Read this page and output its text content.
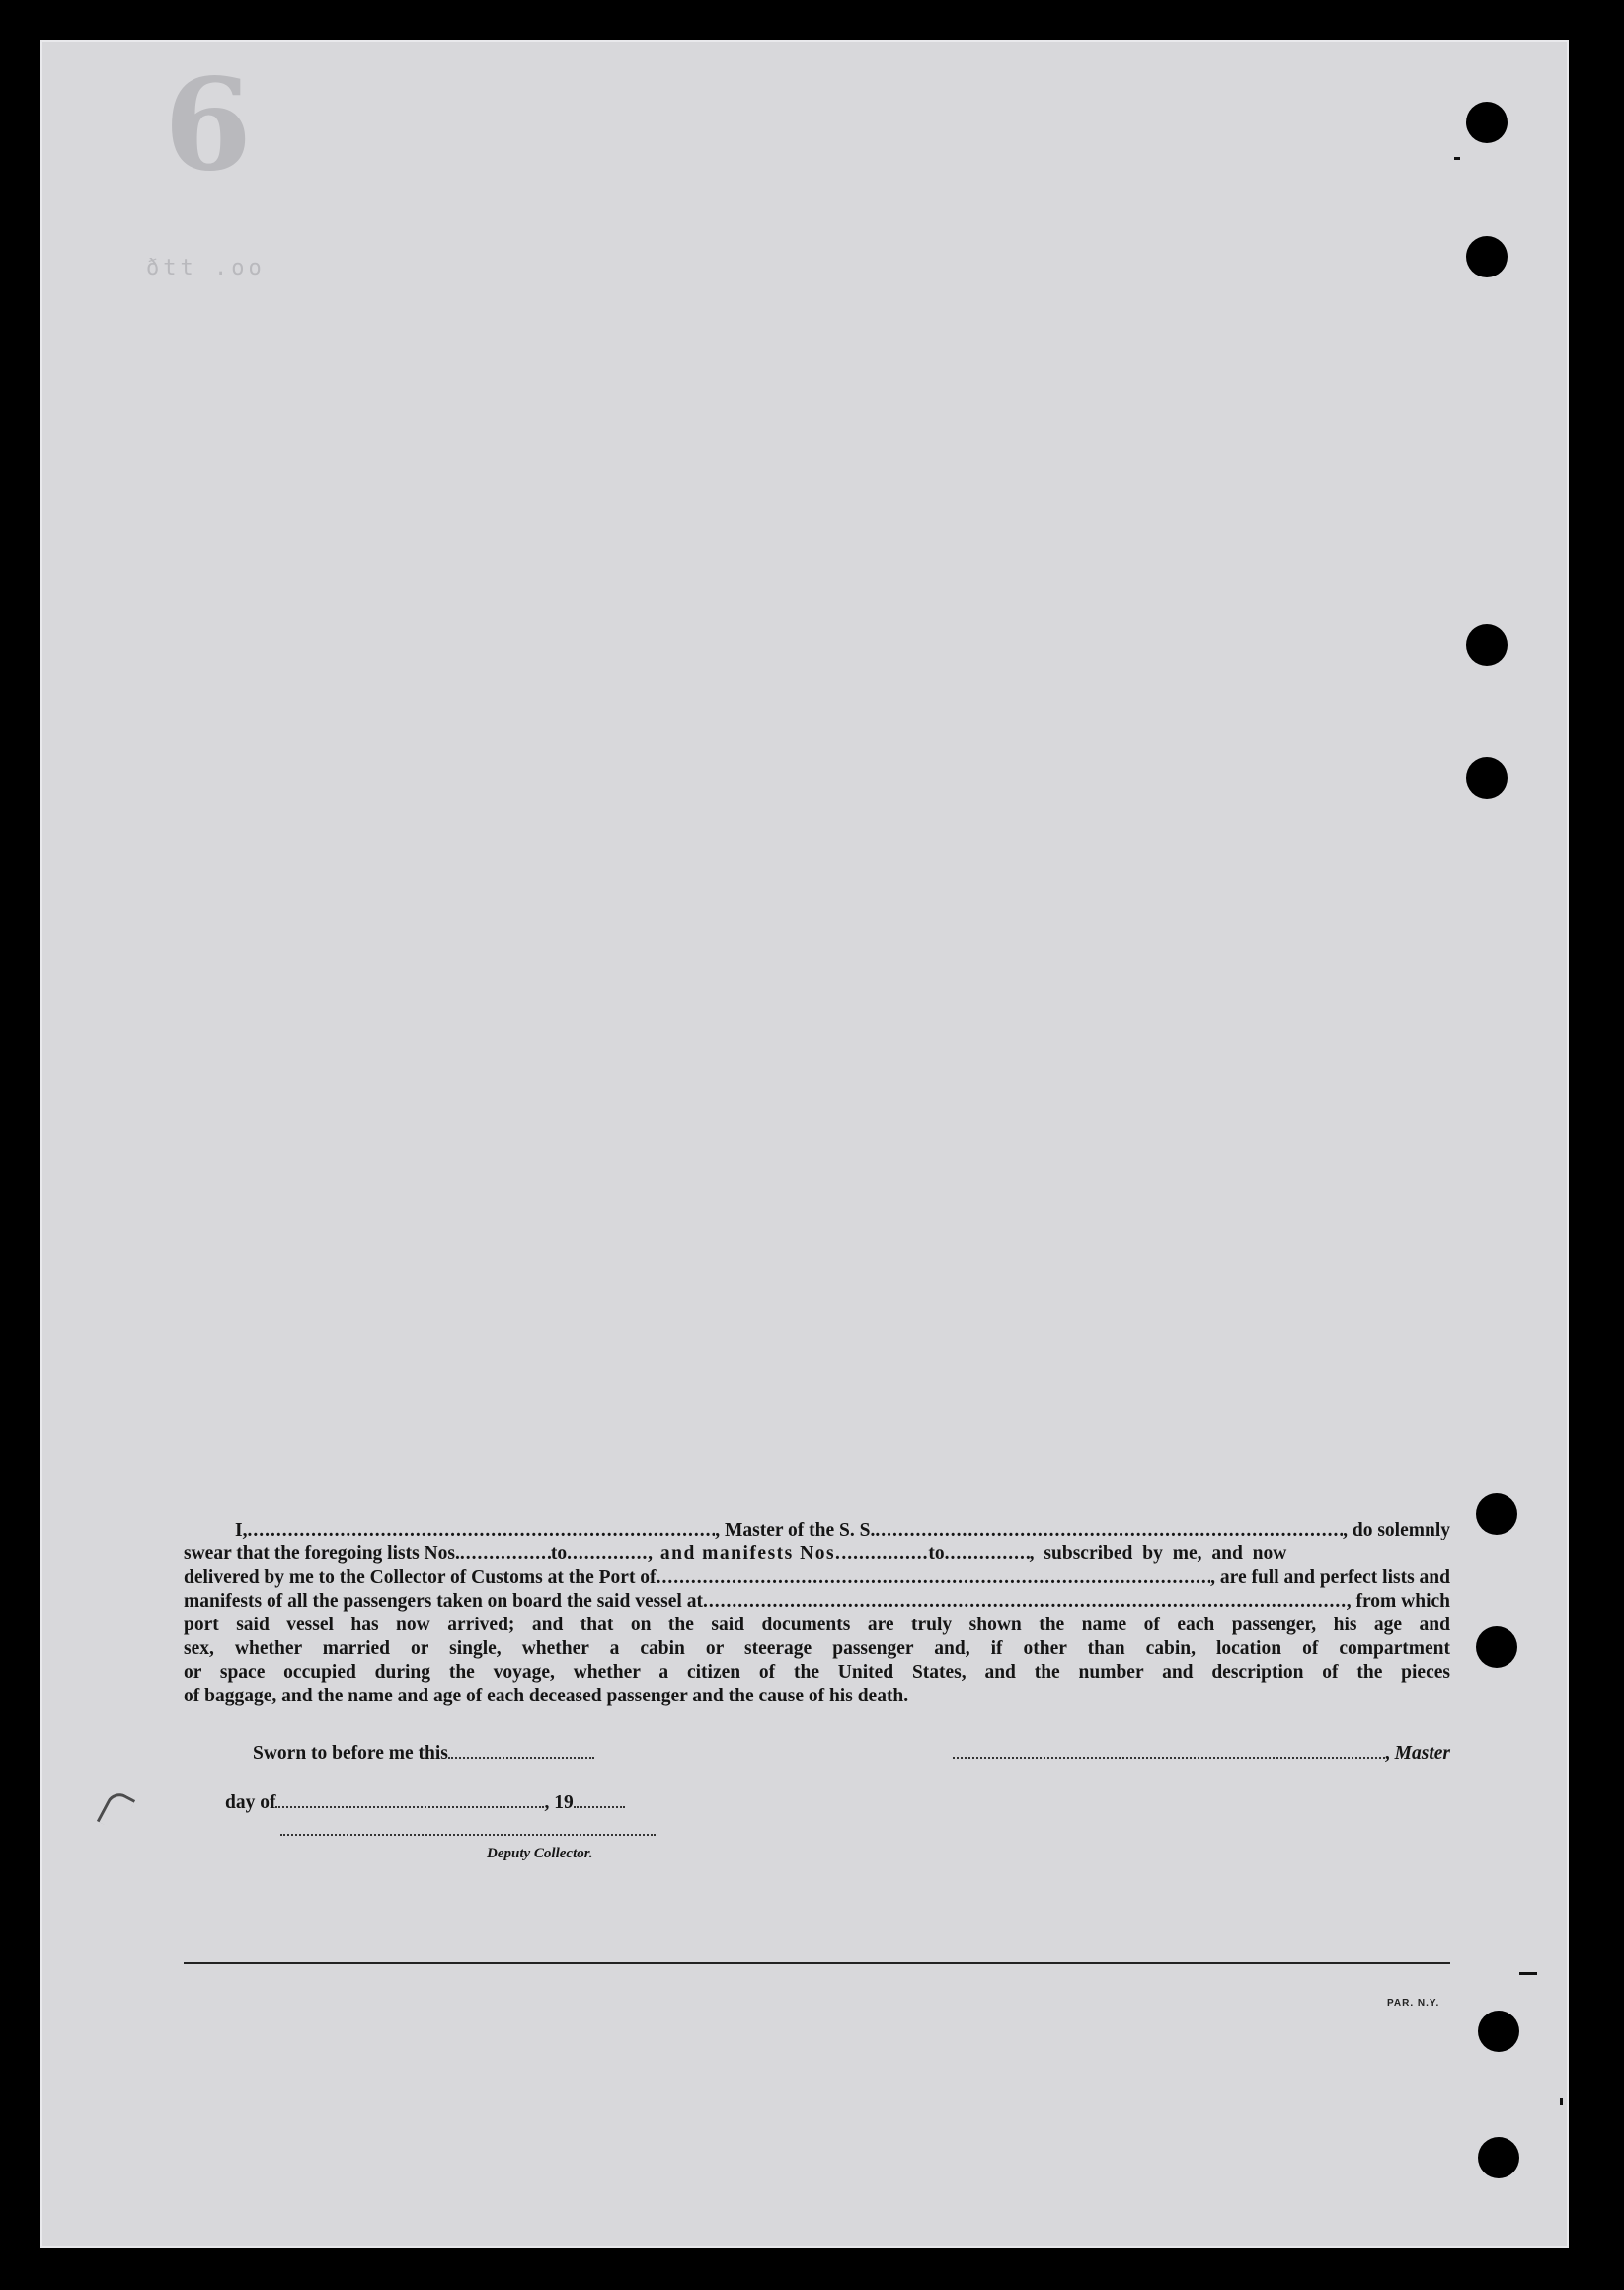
6
ðtt .oo
I, .....	, Master of the S. S. .....	, do solemnly
swear that the foregoing lists Nos. .....	to .....	, and manifests Nos. .....	to .....	, subscribed by me, and now
delivered by me to the Collector of Customs at the Port of .....	, are full and perfect lists and
manifests of all the passengers taken on board the said vessel at .....	, from which
port said vessel has now arrived; and that on the said documents are truly shown the name of each passenger, his age and
sex, whether married or single, whether a cabin or steerage passenger and, if other than cabin, location of compartment
or space occupied during the voyage, whether a citizen of the United States, and the number and description of the pieces
of baggage, and the name and age of each deceased passenger and the cause of his death.
Sworn to before me this	, Master
day of	, 19
Deputy Collector.
PAR. N.Y.
